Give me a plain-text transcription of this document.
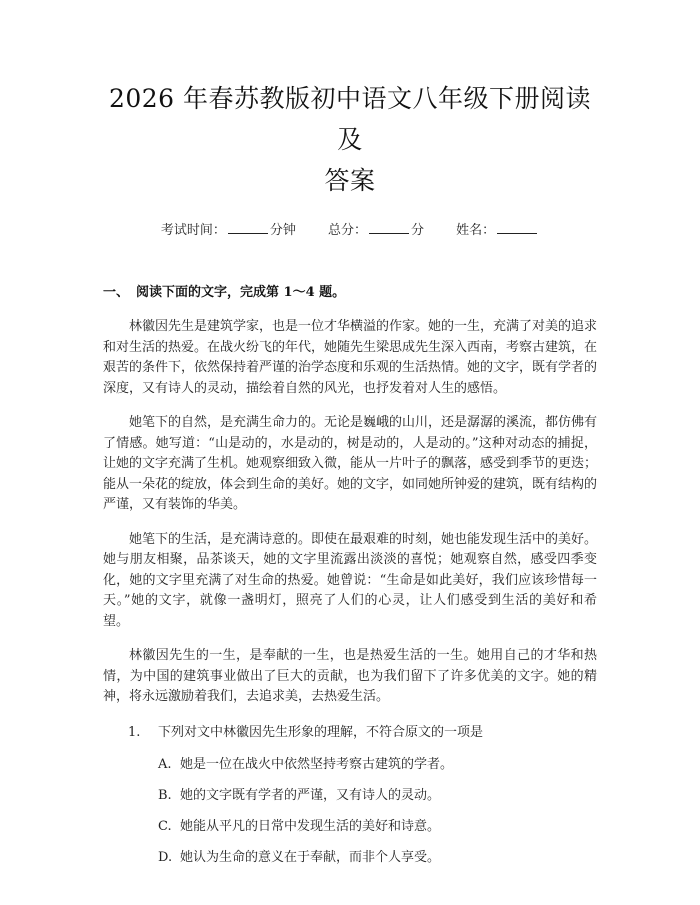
2026 年春苏教版初中语文八年级下册阅读及
答案
考试时间：	分钟 总分：	分 姓名：
一、 阅读下面的文字，完成第 1～4 题。

林徽因先生是建筑学家，也是一位才华横溢的作家。她的一生，充满了对美的追求和对生活的热爱。在战火纷飞的年代，她随先生梁思成先生深入西南，考察古建筑，在艰苦的条件下，依然保持着严谨的治学态度和乐观的生活热情。她的文字，既有学者的深度，又有诗人的灵动，描绘着自然的风光，也抒发着对人生的感悟。

她笔下的自然，是充满生命力的。无论是巍峨的山川，还是潺潺的溪流，都仿佛有了情感。她写道：“山是动的，水是动的，树是动的，人是动的。”这种对动态的捕捉，让她的文字充满了生机。她观察细致入微，能从一片叶子的飘落，感受到季节的更迭；能从一朵花的绽放，体会到生命的美好。她的文字，如同她所钟爱的建筑，既有结构的严谨，又有装饰的华美。

她笔下的生活，是充满诗意的。即使在最艰难的时刻，她也能发现生活中的美好。她与朋友相聚，品茶谈天，她的文字里流露出淡淡的喜悦；她观察自然，感受四季变化，她的文字里充满了对生命的热爱。她曾说：“生命是如此美好，我们应该珍惜每一天。”她的文字，就像一盏明灯，照亮了人们的心灵，让人们感受到生活的美好和希望。

林徽因先生的一生，是奉献的一生，也是热爱生活的一生。她用自己的才华和热情，为中国的建筑事业做出了巨大的贡献，也为我们留下了许多优美的文字。她的精神，将永远激励着我们，去追求美，去热爱生活。

1. 下列对文中林徽因先生形象的理解，不符合原文的一项是
A. 她是一位在战火中依然坚持考察古建筑的学者。
B. 她的文字既有学者的严谨，又有诗人的灵动。
C. 她能从平凡的日常中发现生活的美好和诗意。
D. 她认为生命的意义在于奉献，而非个人享受。
